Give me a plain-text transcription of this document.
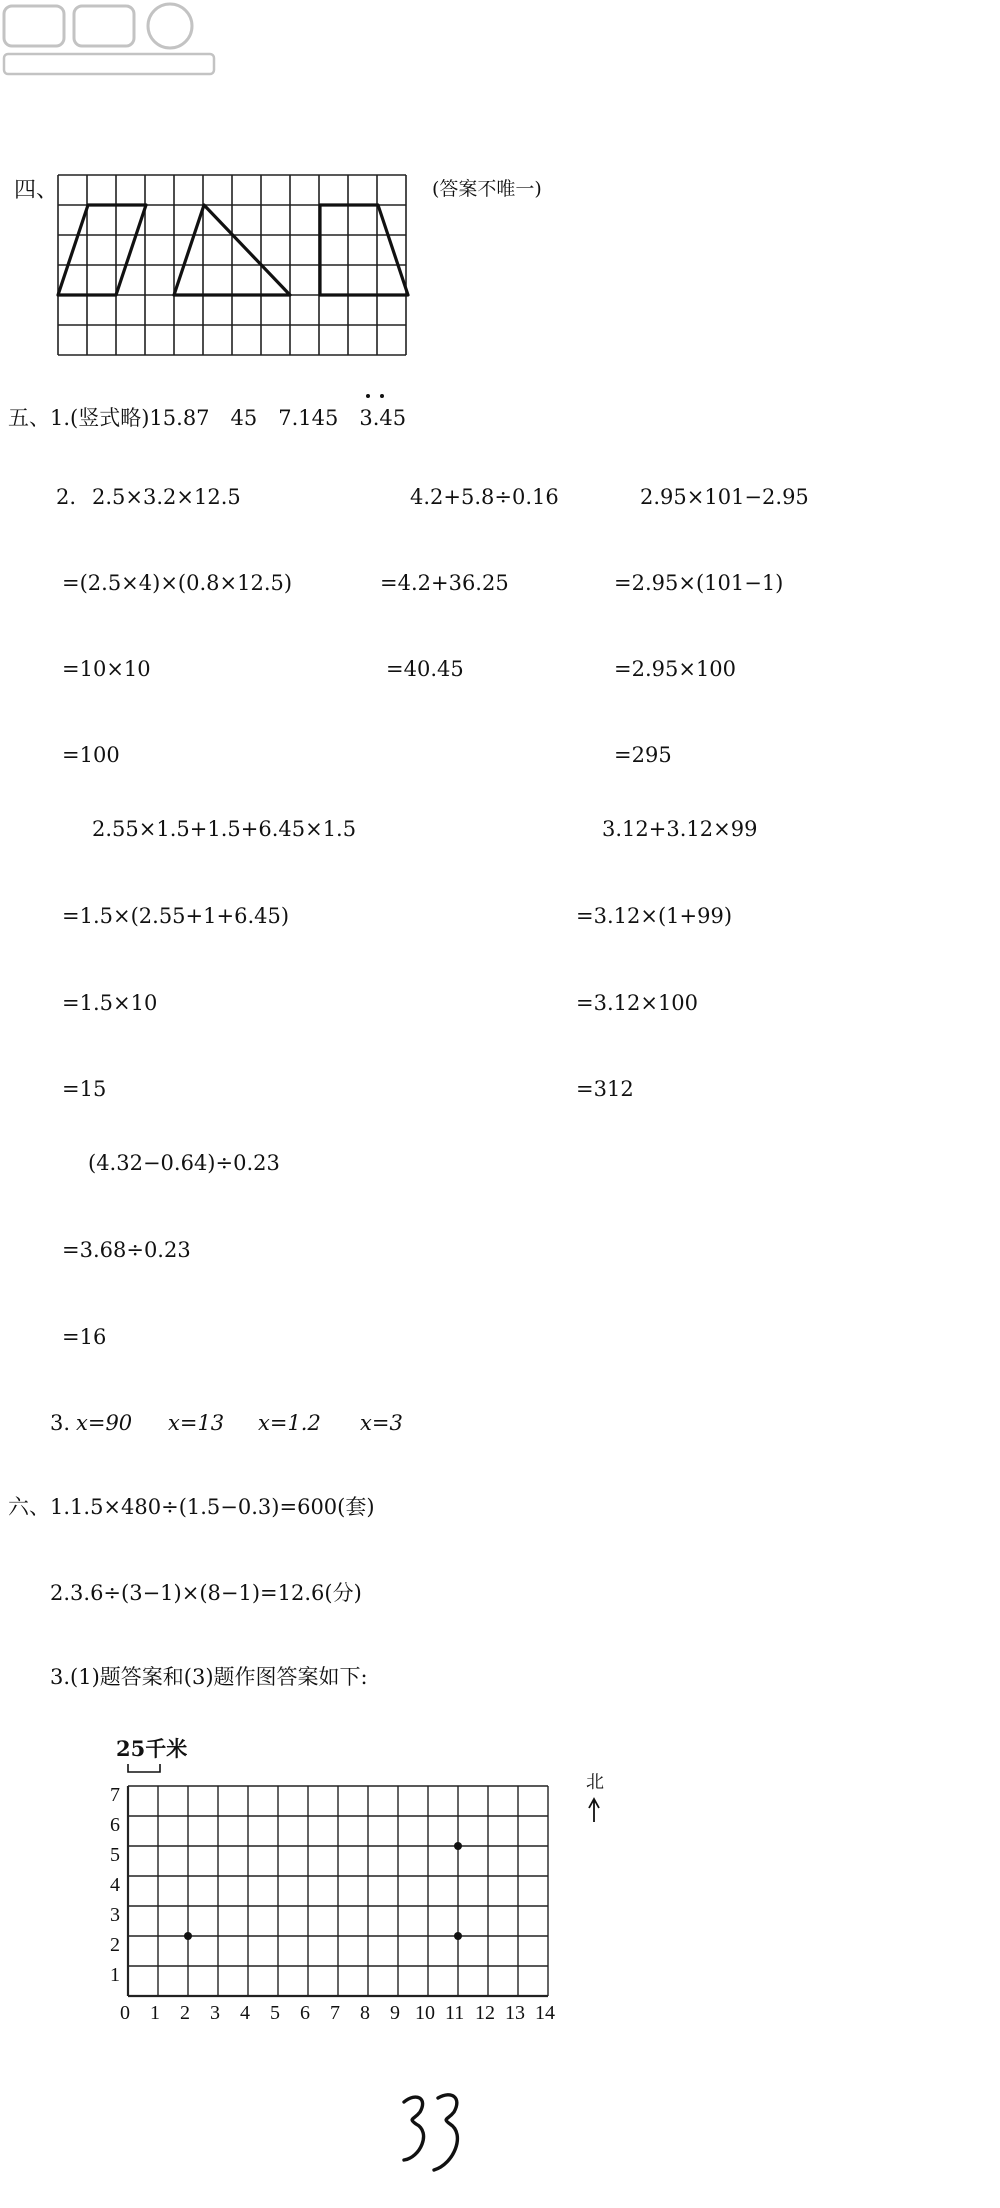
四、	(答案不唯一)
五、1.(竖式略)15.87　45　7.145　3.45
2. 2.5×3.2×12.5
=(2.5×4)×(0.8×12.5)
=10×10
=100
4.2+5.8÷0.16
=4.2+36.25
=40.45
2.95×101−2.95
=2.95×(101−1)
=2.95×100
=295
2.55×1.5+1.5+6.45×1.5
=1.5×(2.55+1+6.45)
=1.5×10
=15
3.12+3.12×99
=3.12×(1+99)
=3.12×100
=312
(4.32−0.64)÷0.23
=3.68÷0.23
=16
3. x=90 x=13 x=1.2 x=3
六、1.1.5×480÷(1.5−0.3)=600(套)
2.3.6÷(3−1)×(8−1)=12.6(分)
3.(1)题答案和(3)题作图答案如下:
25千米
北
0 1 2 3 4 5 6 7 8 9 10 11 12 13 14
1
2
3
4
5
6
7
